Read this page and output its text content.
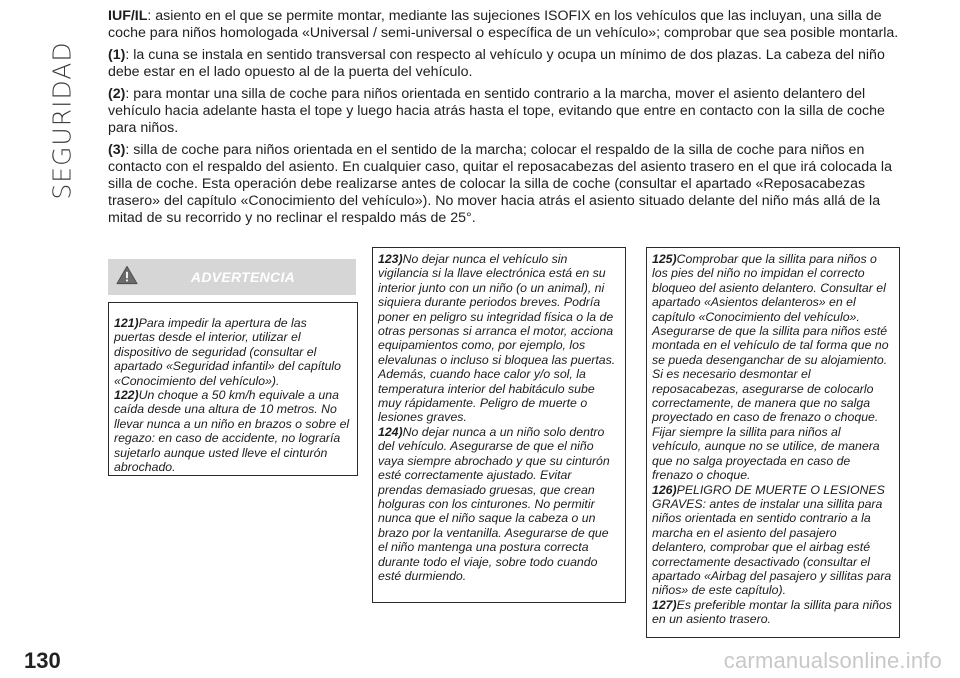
SEGURIDAD

IUF/IL: asiento en el que se permite montar, mediante las sujeciones ISOFIX en los vehículos que las incluyan, una silla de coche para niños homologada «Universal / semi-universal o específica de un vehículo»; comprobar que sea posible montarla.

(1): la cuna se instala en sentido transversal con respecto al vehículo y ocupa un mínimo de dos plazas. La cabeza del niño debe estar en el lado opuesto al de la puerta del vehículo.

(2): para montar una silla de coche para niños orientada en sentido contrario a la marcha, mover el asiento delantero del vehículo hacia adelante hasta el tope y luego hacia atrás hasta el tope, evitando que entre en contacto con la silla de coche para niños.

(3): silla de coche para niños orientada en el sentido de la marcha; colocar el respaldo de la silla de coche para niños en contacto con el respaldo del asiento. En cualquier caso, quitar el reposacabezas del asiento trasero en el que irá colocada la silla de coche. Esta operación debe realizarse antes de colocar la silla de coche (consultar el apartado «Reposacabezas trasero» del capítulo «Conocimiento del vehículo»). No mover hacia atrás el asiento situado delante del niño más allá de la mitad de su recorrido y no reclinar el respaldo más de 25°.

ADVERTENCIA

121)Para impedir la apertura de las puertas desde el interior, utilizar el dispositivo de seguridad (consultar el apartado «Seguridad infantil» del capítulo «Conocimiento del vehículo»).

122)Un choque a 50 km/h equivale a una caída desde una altura de 10 metros. No llevar nunca a un niño en brazos o sobre el regazo: en caso de accidente, no lograría sujetarlo aunque usted lleve el cinturón abrochado.

123)No dejar nunca el vehículo sin vigilancia si la llave electrónica está en su interior junto con un niño (o un animal), ni siquiera durante periodos breves. Podría poner en peligro su integridad física o la de otras personas si arranca el motor, acciona equipamientos como, por ejemplo, los elevalunas o incluso si bloquea las puertas. Además, cuando hace calor y/o sol, la temperatura interior del habitáculo sube muy rápidamente. Peligro de muerte o lesiones graves.

124)No dejar nunca a un niño solo dentro del vehículo. Asegurarse de que el niño vaya siempre abrochado y que su cinturón esté correctamente ajustado. Evitar prendas demasiado gruesas, que crean holguras con los cinturones. No permitir nunca que el niño saque la cabeza o un brazo por la ventanilla. Asegurarse de que el niño mantenga una postura correcta durante todo el viaje, sobre todo cuando esté durmiendo.

125)Comprobar que la sillita para niños o los pies del niño no impidan el correcto bloqueo del asiento delantero. Consultar el apartado «Asientos delanteros» en el capítulo «Conocimiento del vehículo». Asegurarse de que la sillita para niños esté montada en el vehículo de tal forma que no se pueda desenganchar de su alojamiento. Si es necesario desmontar el reposacabezas, asegurarse de colocarlo correctamente, de manera que no salga proyectado en caso de frenazo o choque. Fijar siempre la sillita para niños al vehículo, aunque no se utilice, de manera que no salga proyectada en caso de frenazo o choque.

126)PELIGRO DE MUERTE O LESIONES GRAVES: antes de instalar una sillita para niños orientada en sentido contrario a la marcha en el asiento del pasajero delantero, comprobar que el airbag esté correctamente desactivado (consultar el apartado «Airbag del pasajero y sillitas para niños» de este capítulo).

127)Es preferible montar la sillita para niños en un asiento trasero.

130	carmanualsonline.info
